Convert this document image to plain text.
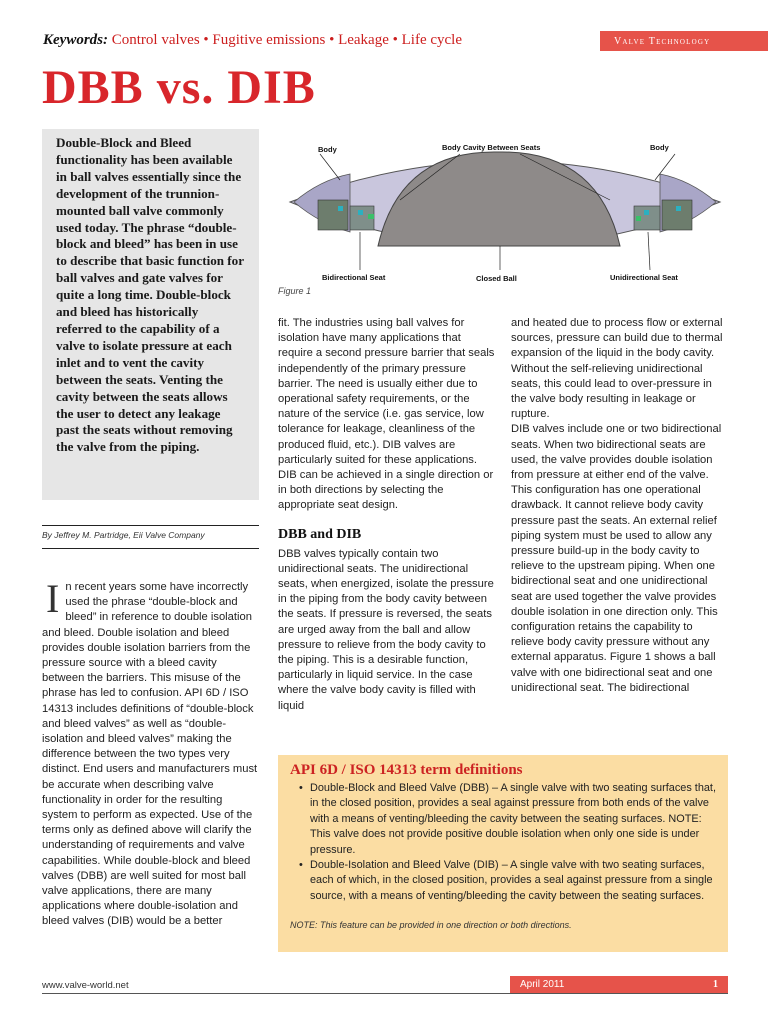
Keywords: Control valves • Fugitive emissions • Leakage • Life cycle	Valve Technology
DBB vs. DIB

Double-Block and Bleed functionality has been available in ball valves essentially since the development of the trunnion-mounted ball valve commonly used today. The phrase “double-block and bleed” has been in use to describe that basic function for ball valves and gate valves for quite a long time. Double-block and bleed has historically referred to the capability of a valve to isolate pressure at each inlet and to vent the cavity between the seats. Venting the cavity between the seats allows the user to detect any leakage past the seats without removing the valve from the piping.

By Jeffrey M. Partridge, Eii Valve Company
Body	Body Cavity Between Seats	Body
Bidirectional Seat	Closed Ball	Unidirectional Seat
Figure 1
In recent years some have incorrectly used the phrase “double-block and bleed” in reference to double isolation and bleed. Double isolation and bleed provides double isolation barriers from the pressure source with a bleed cavity between the barriers. This misuse of the phrase has led to confusion. API 6D / ISO 14313 includes definitions of “double-block and bleed valves” as well as “double-isolation and bleed valves” making the difference between the two types very distinct. End users and manufacturers must be accurate when describing valve functionality in order for the resulting system to perform as expected. Use of the terms only as defined above will clarify the understanding of requirements and valve capabilities. While double-block and bleed valves (DBB) are well suited for most ball valve applications, there are many applications where double-isolation and bleed valves (DIB) would be a better

fit. The industries using ball valves for isolation have many applications that require a second pressure barrier that seals independently of the primary pressure barrier. The need is usually either due to operational safety requirements, or the nature of the service (i.e. gas service, low tolerance for leakage, cleanliness of the produced fluid, etc.). DIB valves are particularly suited for these applications. DIB can be achieved in a single direction or in both directions by selecting the appropriate seat design.

DBB and DIB

DBB valves typically contain two unidirectional seats. The unidirectional seats, when energized, isolate the pressure in the piping from the body cavity between the seats. If pressure is reversed, the seats are urged away from the ball and allow pressure to relieve from the body cavity to the piping. This is a desirable function, particularly in liquid service. In the case where the valve body cavity is filled with liquid

and heated due to process flow or external sources, pressure can build due to thermal expansion of the liquid in the body cavity. Without the self-relieving unidirectional seats, this could lead to over-pressure in the valve body resulting in leakage or rupture.

DIB valves include one or two bidirectional seats. When two bidirectional seats are used, the valve provides double isolation from pressure at either end of the valve. This configuration has one operational drawback. It cannot relieve body cavity pressure past the seats. An external relief piping system must be used to allow any pressure build-up in the body cavity to relieve to the upstream piping. When one bidirectional seat and one unidirectional seat are used together the valve provides double isolation in one direction only. This configuration retains the capability to relieve body cavity pressure without any external apparatus. Figure 1 shows a ball valve with one bidirectional seat and one unidirectional seat. The bidirectional

API 6D / ISO 14313 term definitions
• Double-Block and Bleed Valve (DBB) – A single valve with two seating surfaces that, in the closed position, provides a seal against pressure from both ends of the valve with a means of venting/bleeding the cavity between the seating surfaces. NOTE: This valve does not provide positive double isolation when only one side is under pressure.
• Double-Isolation and Bleed Valve (DIB) – A single valve with two seating surfaces, each of which, in the closed position, provides a seal against pressure from a single source, with a means of venting/bleeding the cavity between the seating surfaces.

NOTE: This feature can be provided in one direction or both directions.

www.valve-world.net	April 2011	1
